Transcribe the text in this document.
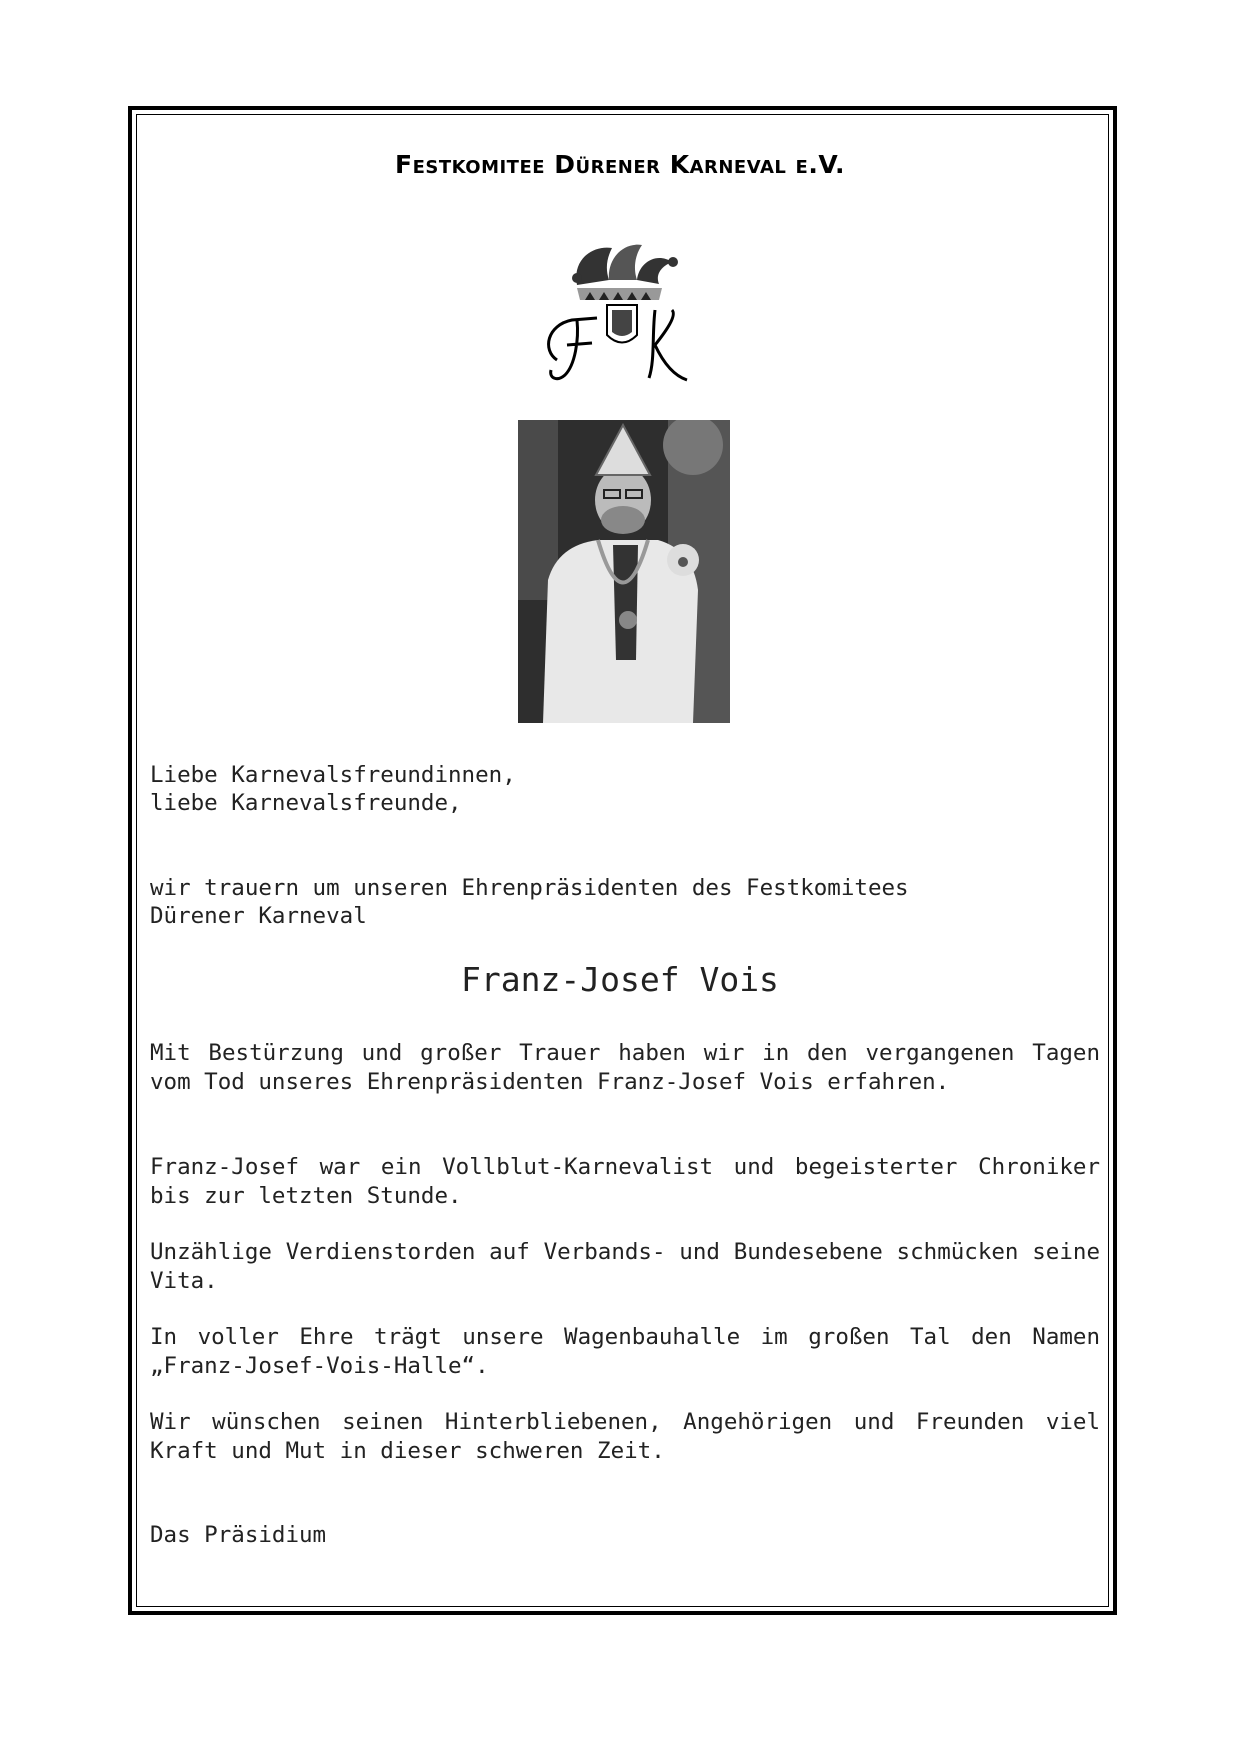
Festkomitee Dürener Karneval e.V.
Liebe Karnevalsfreundinnen,
liebe Karnevalsfreunde,
wir trauern um unseren Ehrenpräsidenten des Festkomitees
Dürener Karneval
Franz-Josef Vois

Mit Bestürzung und großer Trauer haben wir in den vergangenen Tagen vom Tod unseres Ehrenpräsidenten Franz-Josef Vois erfahren.

Franz-Josef war ein Vollblut-Karnevalist und begeisterter Chroniker bis zur letzten Stunde.

Unzählige Verdienstorden auf Verbands- und Bundesebene schmücken seine Vita.

In voller Ehre trägt unsere Wagenbauhalle im großen Tal den Namen „Franz-Josef-Vois-Halle“.

Wir wünschen seinen Hinterbliebenen, Angehörigen und Freunden viel Kraft und Mut in dieser schweren Zeit.

Das Präsidium
